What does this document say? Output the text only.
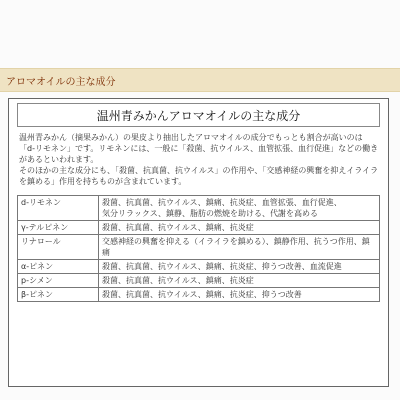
アロマオイルの主な成分
温州青みかんアロマオイルの主な成分
温州青みかん（摘果みかん）の果皮より抽出したアロマオイルの成分でもっとも割合が高いのは
「d-リモネン」です。リモネンには、一般に「殺菌、抗ウイルス、血管拡張、血行促進」などの働き
があるといわれます。
そのほかの主な成分にも、「殺菌、抗真菌、抗ウイルス」の作用や、「交感神経の興奮を抑えイライラ
を鎮める」作用を持ちものが含まれています。
d-リモネン	殺菌、抗真菌、抗ウイルス、鎮痛、抗炎症、血管拡張、血行促進、
気分リラックス、鎮静、脂肪の燃焼を助ける、代謝を高める

γ-テルピネン	殺菌、抗真菌、抗ウイルス、鎮痛、抗炎症

リナロール	交感神経の興奮を抑える（イライラを鎮める）、鎮静作用、抗うつ作用、鎮
痛

α-ピネン	殺菌、抗真菌、抗ウイルス、鎮痛、抗炎症、抑うつ改善、血流促進

p-シメン	殺菌、抗真菌、抗ウイルス、鎮痛、抗炎症

β-ピネン	殺菌、抗真菌、抗ウイルス、鎮痛、抗炎症、抑うつ改善
